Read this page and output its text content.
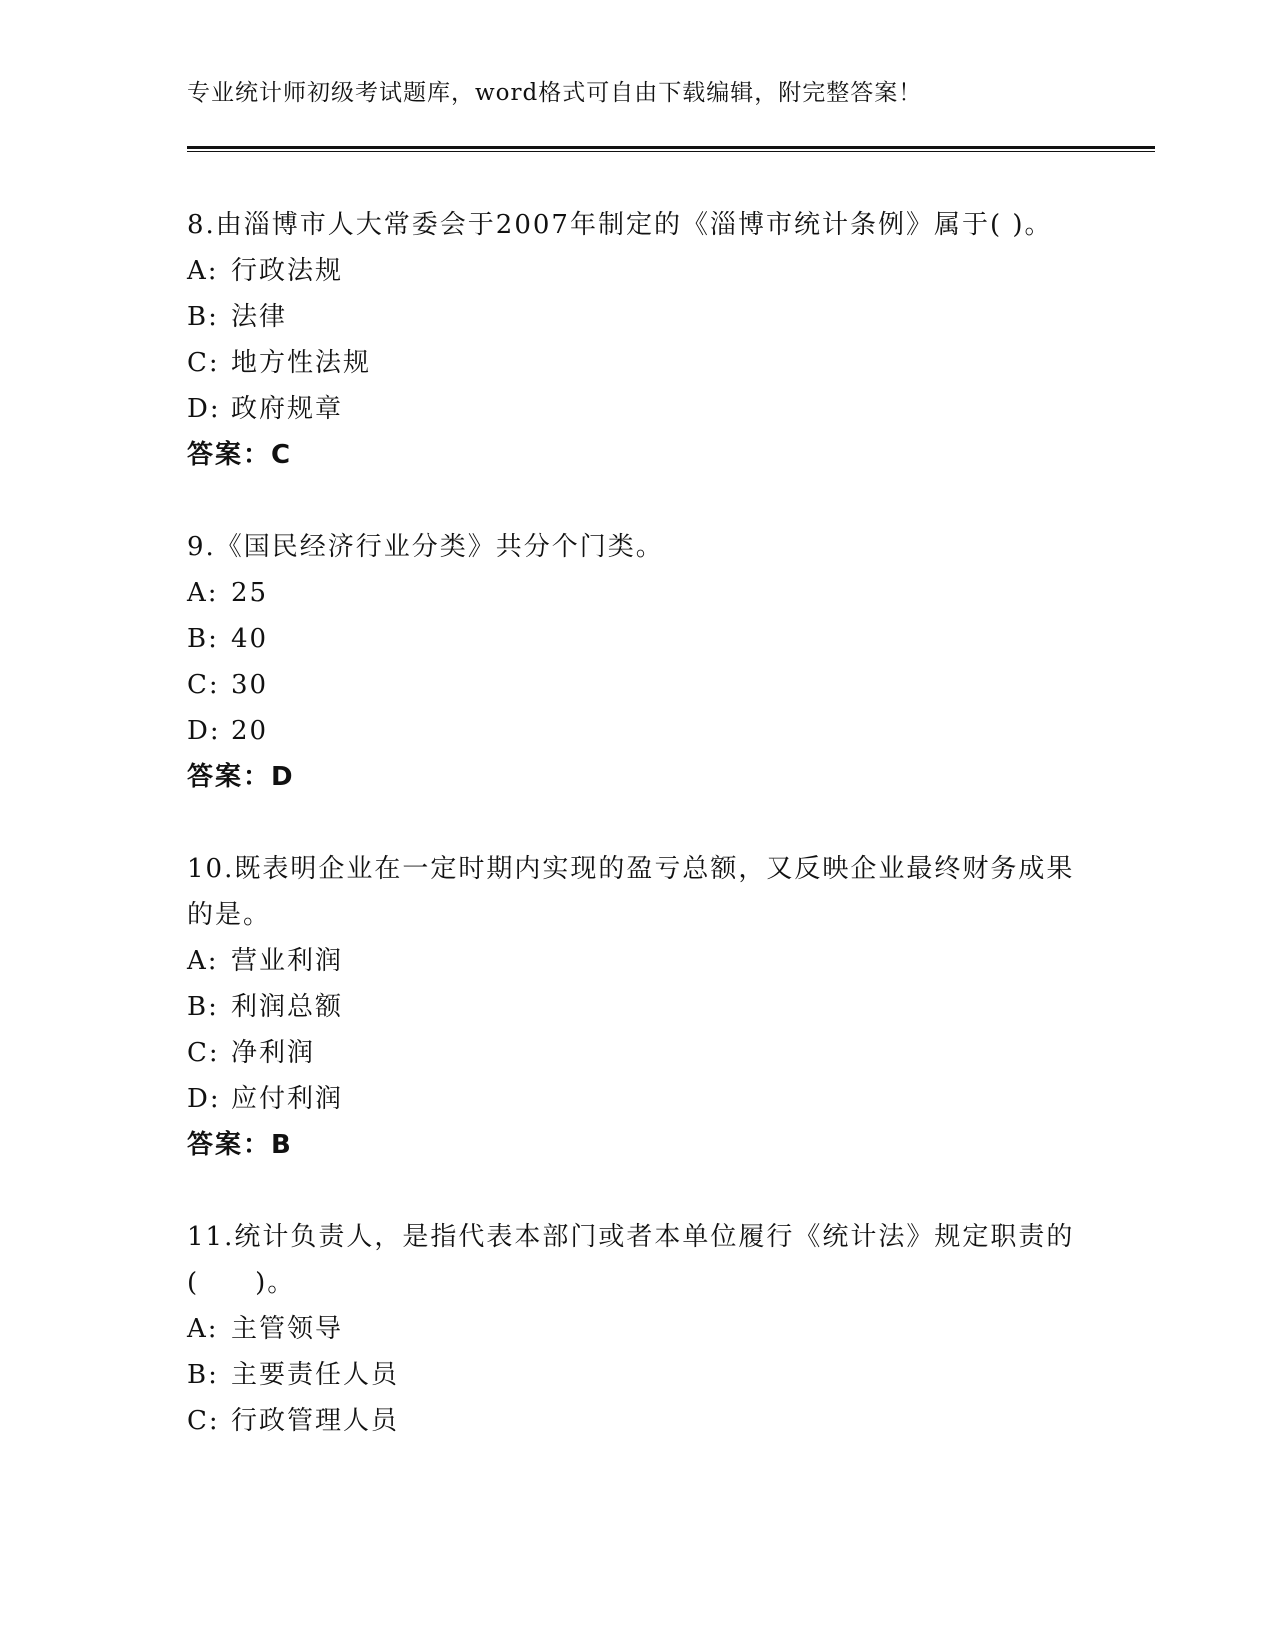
专业统计师初级考试题库，word格式可自由下载编辑，附完整答案！

8.由淄博市人大常委会于2007年制定的《淄博市统计条例》属于( )。

A: 行政法规

B: 法律

C: 地方性法规

D: 政府规章

答案：C

9.《国民经济行业分类》共分个门类。

A: 25

B: 40

C: 30

D: 20

答案：D

10.既表明企业在一定时期内实现的盈亏总额，又反映企业最终财务成果的是。

A: 营业利润

B: 利润总额

C: 净利润

D: 应付利润

答案：B

11.统计负责人，是指代表本部门或者本单位履行《统计法》规定职责的(　　)。

A: 主管领导

B: 主要责任人员

C: 行政管理人员
